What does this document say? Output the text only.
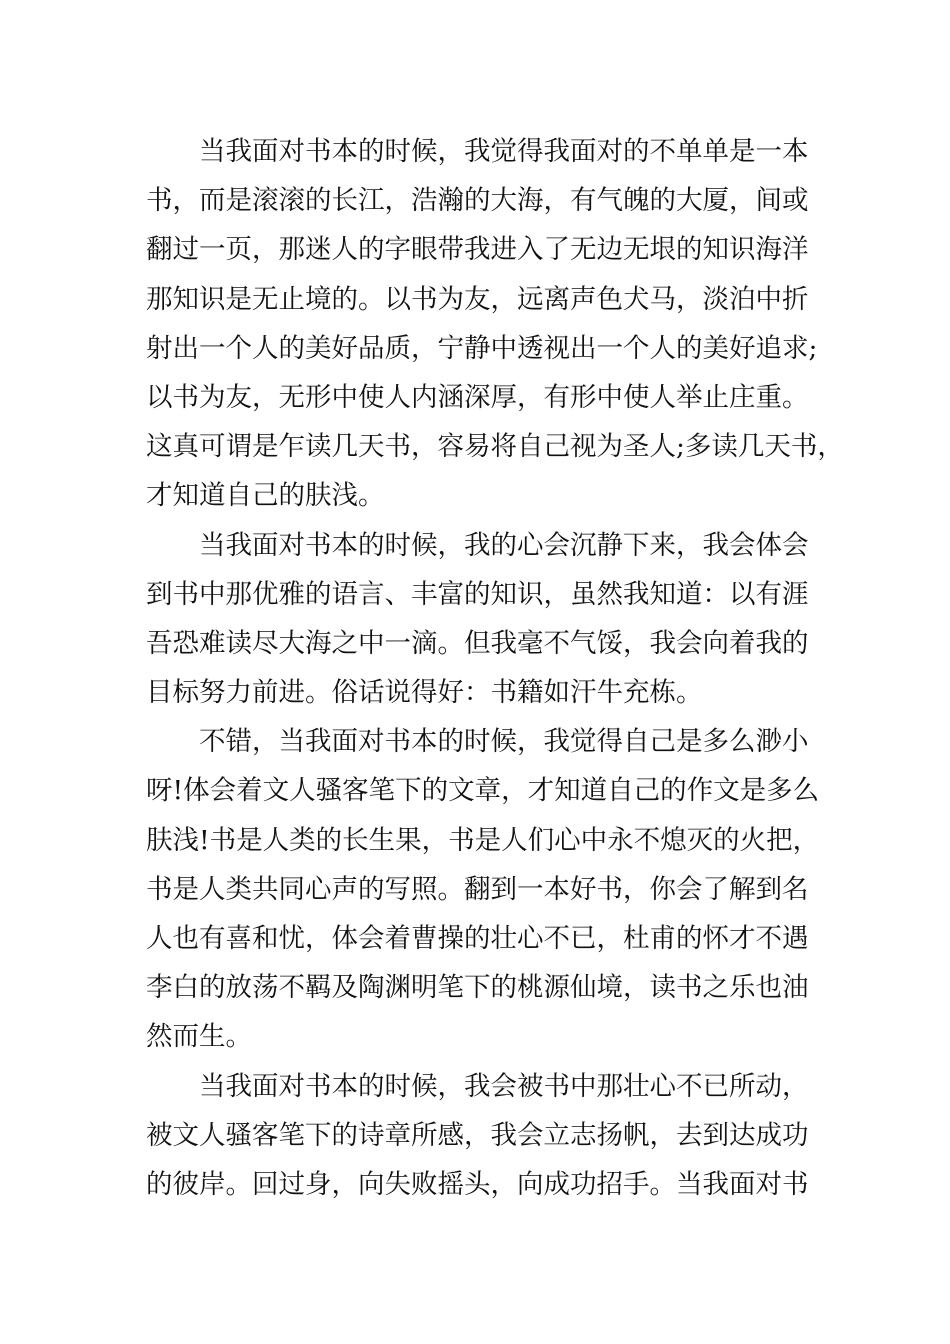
当我面对书本的时候，我觉得我面对的不单单是一本
书，而是滚滚的长江，浩瀚的大海，有气魄的大厦，间或
翻过一页，那迷人的字眼带我进入了无边无垠的知识海洋
那知识是无止境的。以书为友，远离声色犬马，淡泊中折
射出一个人的美好品质，宁静中透视出一个人的美好追求;
以书为友，无形中使人内涵深厚，有形中使人举止庄重。
这真可谓是乍读几天书，容易将自己视为圣人;多读几天书，
才知道自己的肤浅。
当我面对书本的时候，我的心会沉静下来，我会体会
到书中那优雅的语言、丰富的知识，虽然我知道：以有涯
吾恐难读尽大海之中一滴。但我毫不气馁，我会向着我的
目标努力前进。俗话说得好：书籍如汗牛充栋。
不错，当我面对书本的时候，我觉得自己是多么渺小
呀!体会着文人骚客笔下的文章，才知道自己的作文是多么
肤浅!书是人类的长生果，书是人们心中永不熄灭的火把，
书是人类共同心声的写照。翻到一本好书，你会了解到名
人也有喜和忧，体会着曹操的壮心不已，杜甫的怀才不遇
李白的放荡不羁及陶渊明笔下的桃源仙境，读书之乐也油
然而生。
当我面对书本的时候，我会被书中那壮心不已所动，
被文人骚客笔下的诗章所感，我会立志扬帆，去到达成功
的彼岸。回过身，向失败摇头，向成功招手。当我面对书
